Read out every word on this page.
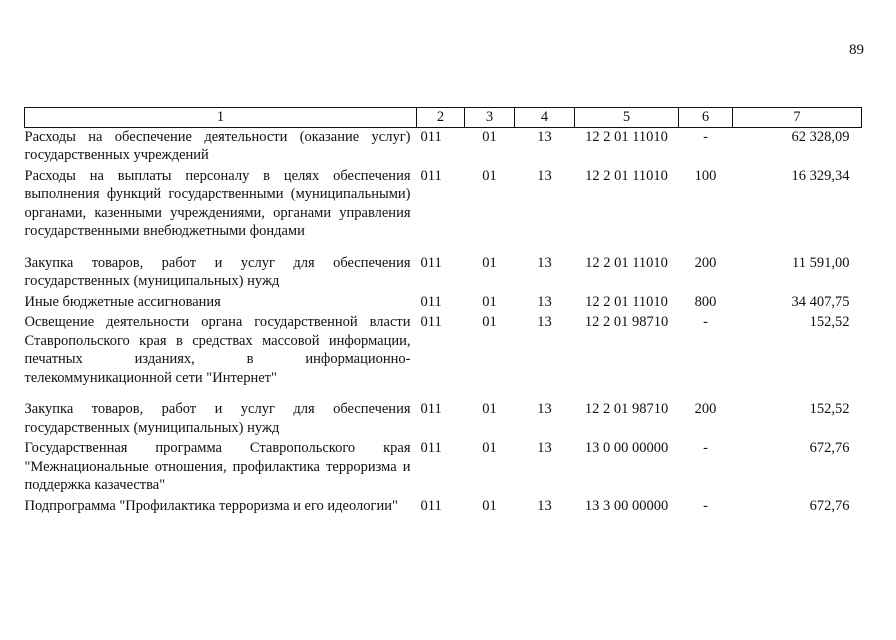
89
1	2	3	4	5	6	7
Расходы на обеспечение деятельности (оказание услуг) государственных учреждений	011	01	13	12 2 01 11010	-	62 328,09
Расходы на выплаты персоналу в целях обеспечения выполнения функций государственными (муниципальными) органами, казенными учреждениями, органами управления государственными внебюджетными фондами	011	01	13	12 2 01 11010	100	16 329,34
Закупка товаров, работ и услуг для обеспечения государственных (муниципальных) нужд	011	01	13	12 2 01 11010	200	11 591,00
Иные бюджетные ассигнования	011	01	13	12 2 01 11010	800	34 407,75
Освещение деятельности органа государственной власти Ставропольского края в средствах массовой информации, печатных изданиях, в информационно-телекоммуникационной сети "Интернет"	011	01	13	12 2 01 98710	-	152,52
Закупка товаров, работ и услуг для обеспечения государственных (муниципальных) нужд	011	01	13	12 2 01 98710	200	152,52
Государственная программа Ставропольского края "Межнациональные отношения, профилактика терроризма и поддержка казачества"	011	01	13	13 0 00 00000	-	672,76
Подпрограмма "Профилактика терроризма и его идеологии"	011	01	13	13 3 00 00000	-	672,76
